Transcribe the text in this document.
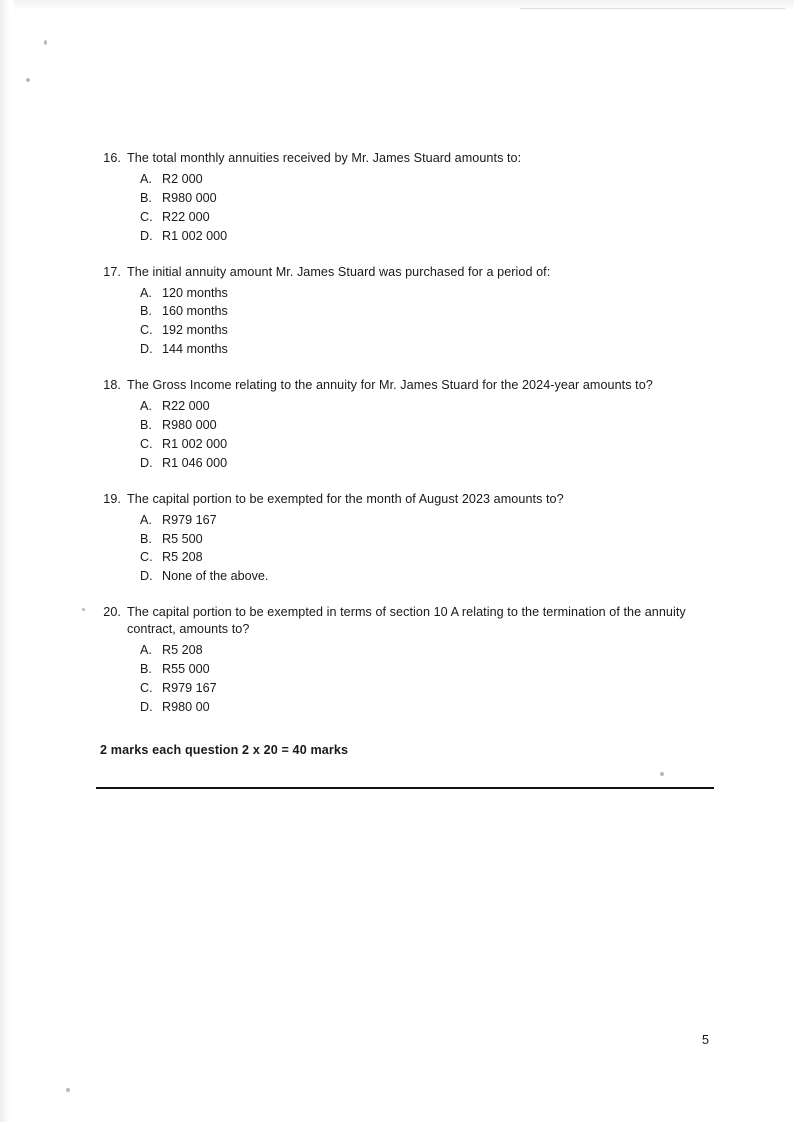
16. The total monthly annuities received by Mr. James Stuard amounts to:
A. R2 000
B. R980 000
C. R22 000
D. R1 002 000
17. The initial annuity amount Mr. James Stuard was purchased for a period of:
A. 120 months
B. 160 months
C. 192 months
D. 144 months
18. The Gross Income relating to the annuity for Mr. James Stuard for the 2024-year amounts to?
A. R22 000
B. R980 000
C. R1 002 000
D. R1 046 000
19. The capital portion to be exempted for the month of August 2023 amounts to?
A. R979 167
B. R5 500
C. R5 208
D. None of the above.
20. The capital portion to be exempted in terms of section 10 A relating to the termination of the annuity contract, amounts to?
A. R5 208
B. R55 000
C. R979 167
D. R980 00
2 marks each question 2 x 20 = 40 marks
5
